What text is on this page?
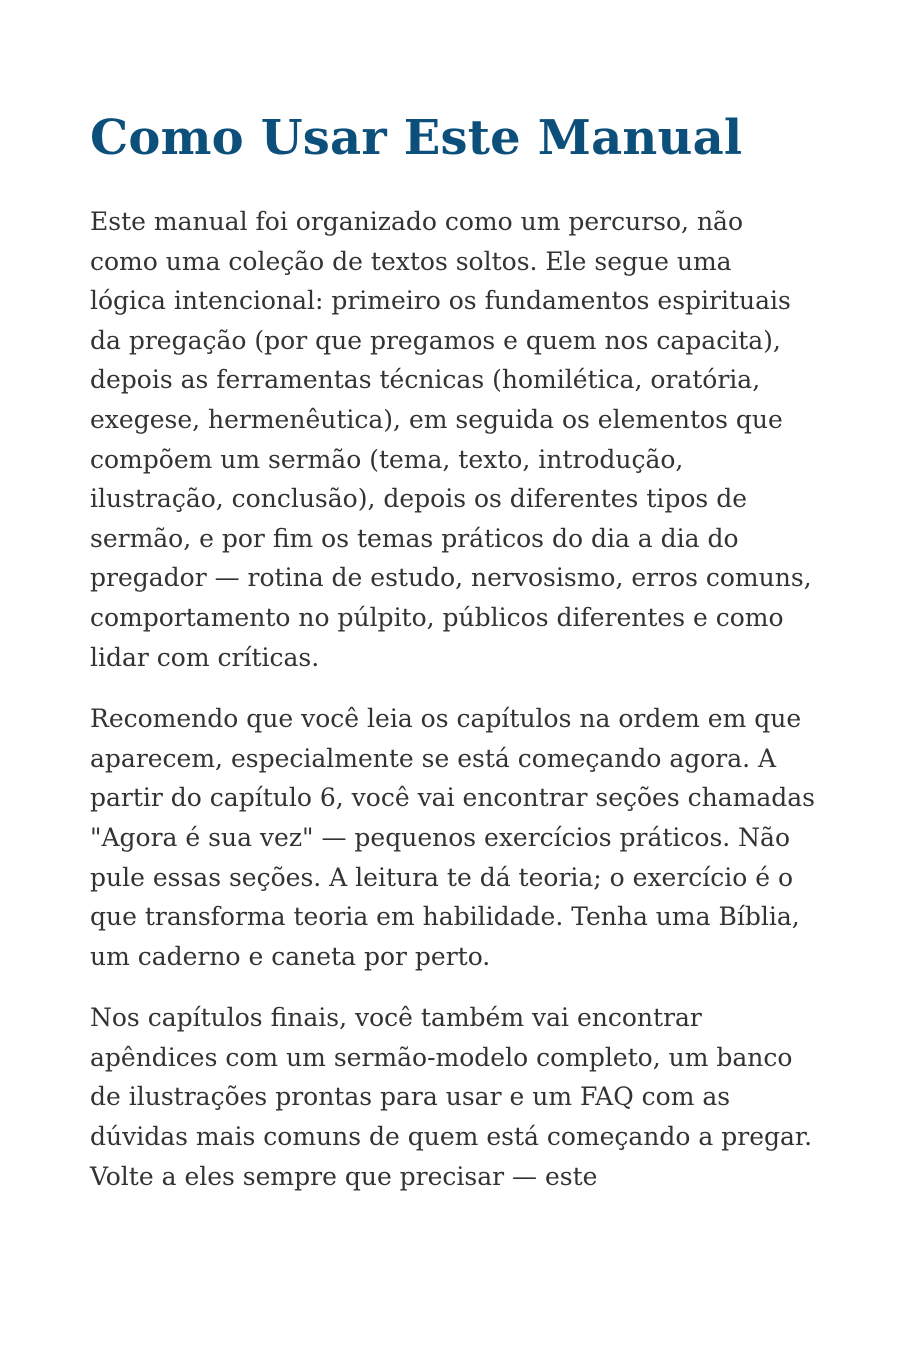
Como Usar Este Manual

Este manual foi organizado como um percurso, não como uma coleção de textos soltos. Ele segue uma lógica intencional: primeiro os fundamentos espirituais da pregação (por que pregamos e quem nos capacita), depois as ferramentas técnicas (homilética, oratória, exegese, hermenêutica), em seguida os elementos que compõem um sermão (tema, texto, introdução, ilustração, conclusão), depois os diferentes tipos de sermão, e por fim os temas práticos do dia a dia do pregador — rotina de estudo, nervosismo, erros comuns, comportamento no púlpito, públicos diferentes e como lidar com críticas.

Recomendo que você leia os capítulos na ordem em que aparecem, especialmente se está começando agora. A partir do capítulo 6, você vai encontrar seções chamadas "Agora é sua vez" — pequenos exercícios práticos. Não pule essas seções. A leitura te dá teoria; o exercício é o que transforma teoria em habilidade. Tenha uma Bíblia, um caderno e caneta por perto.

Nos capítulos finais, você também vai encontrar apêndices com um sermão-modelo completo, um banco de ilustrações prontas para usar e um FAQ com as dúvidas mais comuns de quem está começando a pregar. Volte a eles sempre que precisar — este
